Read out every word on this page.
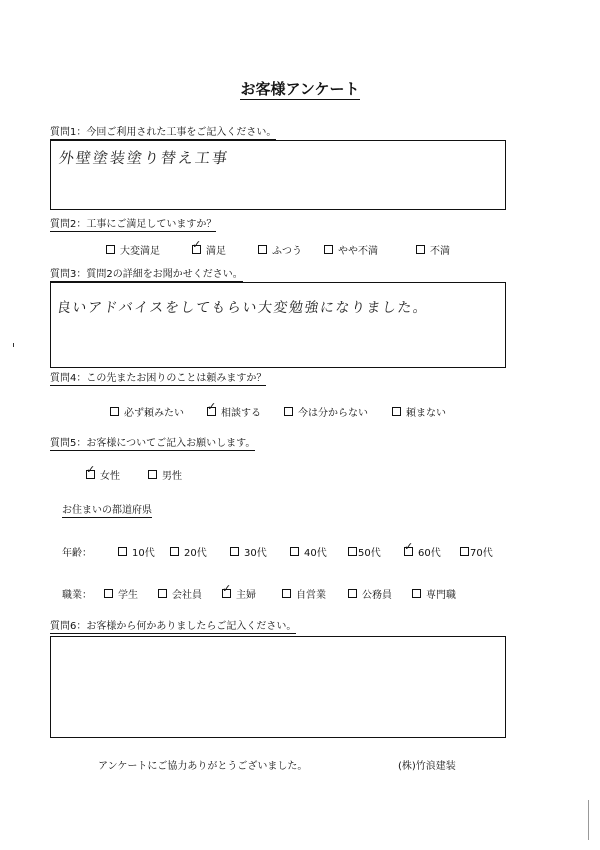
お客様アンケート
質問1：今回ご利用された工事をご記入ください。
外壁塗装塗り替え工事
質問2：工事にご満足していますか？
大変満足
✓
満足	ふつう	やや不満	不満
質問3：質問2の詳細をお聞かせください。
良いアドバイスをしてもらい大変勉強になりました。
質問4：この先またお困りのことは頼みますか？
必ず頼みたい
✓
相談する	今は分からない	頼まない
質問5：お客様についてご記入お願いします。
✓
女性	男性
お住まいの都道府県
年齢：	10代	20代	30代	40代	50代
✓
60代	70代
職業：	学生	会社員
✓
主婦	自営業	公務員	専門職
質問6：お客様から何かありましたらご記入ください。
アンケートにご協力ありがとうございました。	(株)竹浪建装
